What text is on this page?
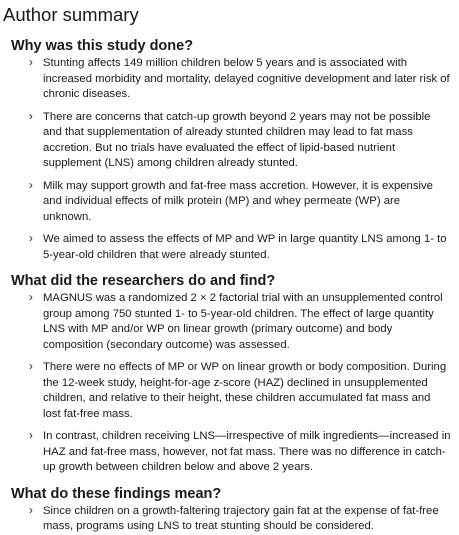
Author summary
Why was this study done?
› Stunting affects 149 million children below 5 years and is associated with increased morbidity and mortality, delayed cognitive development and later risk of chronic diseases.
› There are concerns that catch-up growth beyond 2 years may not be possible and that supplementation of already stunted children may lead to fat mass accretion. But no trials have evaluated the effect of lipid-based nutrient supplement (LNS) among children already stunted.
› Milk may support growth and fat-free mass accretion. However, it is expensive and individual effects of milk protein (MP) and whey permeate (WP) are unknown.
› We aimed to assess the effects of MP and WP in large quantity LNS among 1- to 5-year-old children that were already stunted.
What did the researchers do and find?
› MAGNUS was a randomized 2 × 2 factorial trial with an unsupplemented control group among 750 stunted 1- to 5-year-old children. The effect of large quantity LNS with MP and/or WP on linear growth (primary outcome) and body composition (secondary outcome) was assessed.
› There were no effects of MP or WP on linear growth or body composition. During the 12-week study, height-for-age z-score (HAZ) declined in unsupplemented children, and relative to their height, these children accumulated fat mass and lost fat-free mass.
› In contrast, children receiving LNS—irrespective of milk ingredients—increased in HAZ and fat-free mass, however, not fat mass. There was no difference in catch-up growth between children below and above 2 years.
What do these findings mean?
› Since children on a growth-faltering trajectory gain fat at the expense of fat-free mass, programs using LNS to treat stunting should be considered.
